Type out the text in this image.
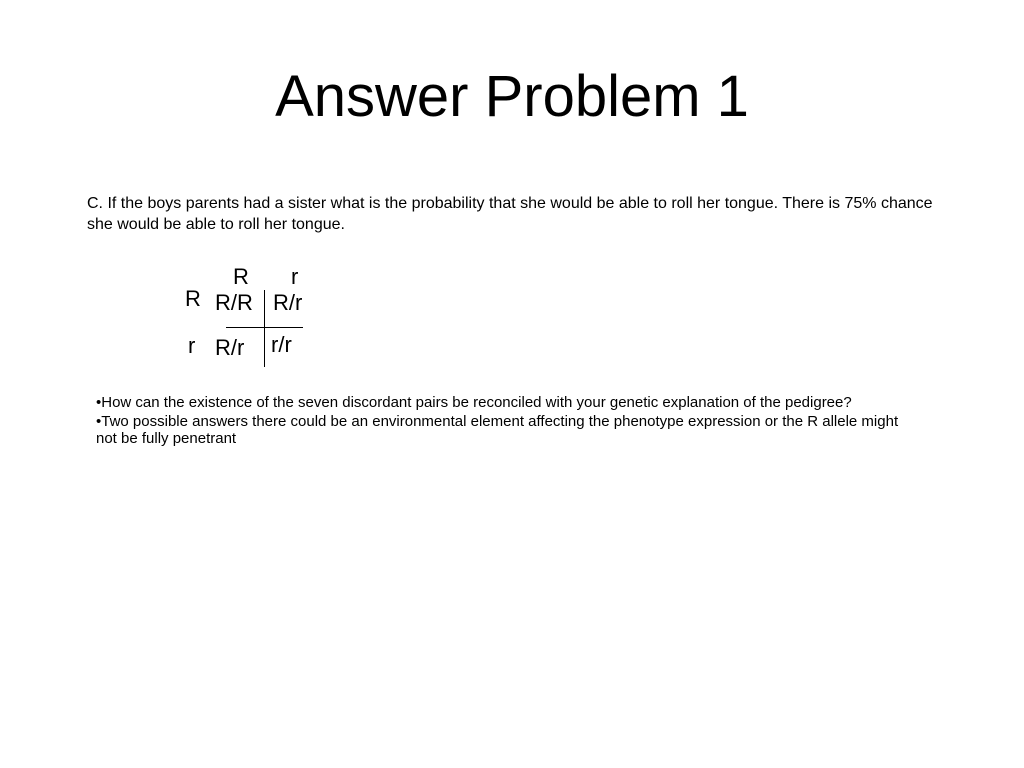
Answer Problem 1

C. If the boys parents had a sister what is the probability that she would be able to roll her tongue. There is 75% chance she would be able to roll her tongue.

R r
R
r
R/R R/r
R/r r/r
•How can the existence of the seven discordant pairs be reconciled with your genetic explanation of the pedigree?
•Two possible answers there could be an environmental element affecting the phenotype expression or the R allele might not be fully penetrant
